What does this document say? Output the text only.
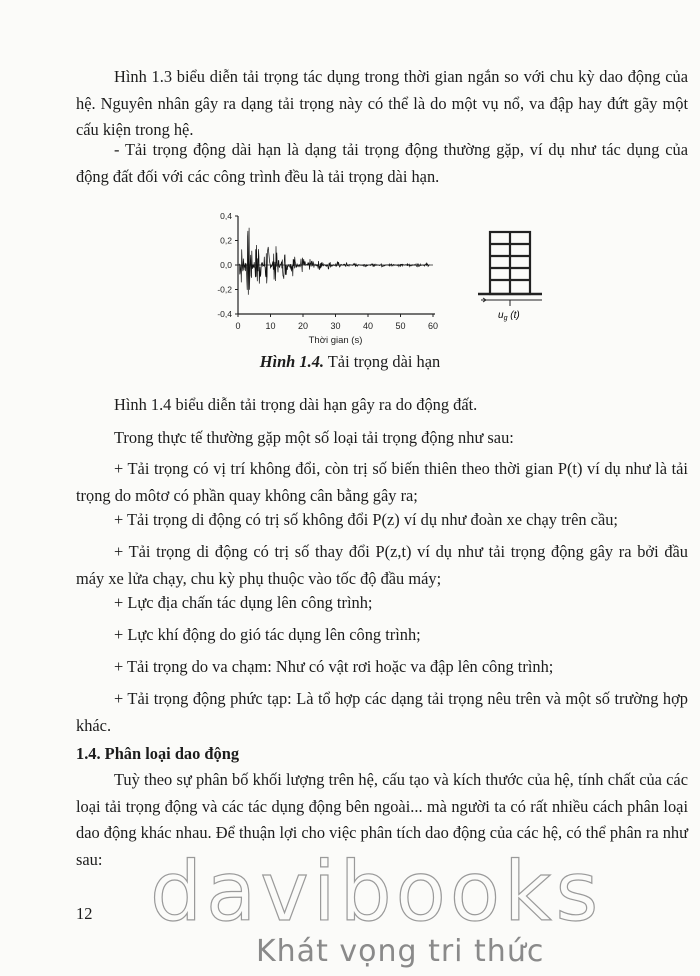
Hình 1.3 biểu diễn tải trọng tác dụng trong thời gian ngắn so với chu kỳ dao động của hệ. Nguyên nhân gây ra dạng tải trọng này có thể là do một vụ nổ, va đập hay đứt gãy một cấu kiện trong hệ.

- Tải trọng động dài hạn là dạng tải trọng động thường gặp, ví dụ như tác dụng của động đất đối với các công trình đều là tải trọng dài hạn.

0,4
0,2
0,0
-0,2
-0,4
0	10 20 30 40 50 60
Thời gian (s)
$u_g$ (t)
Hình 1.4. Tải trọng dài hạn

Hình 1.4 biểu diễn tải trọng dài hạn gây ra do động đất.

Trong thực tế thường gặp một số loại tải trọng động như sau:

+ Tải trọng có vị trí không đổi, còn trị số biến thiên theo thời gian P(t) ví dụ như là tải trọng do môtơ có phần quay không cân bằng gây ra;

+ Tải trọng di động có trị số không đổi P(z) ví dụ như đoàn xe chạy trên cầu;

+ Tải trọng di động có trị số thay đổi P(z,t) ví dụ như tải trọng động gây ra bởi đầu máy xe lửa chạy, chu kỳ phụ thuộc vào tốc độ đầu máy;

+ Lực địa chấn tác dụng lên công trình;

+ Lực khí động do gió tác dụng lên công trình;

+ Tải trọng do va chạm: Như có vật rơi hoặc va đập lên công trình;

+ Tải trọng động phức tạp: Là tổ hợp các dạng tải trọng nêu trên và một số trường hợp khác.

1.4. Phân loại dao động

Tuỳ theo sự phân bố khối lượng trên hệ, cấu tạo và kích thước của hệ, tính chất của các loại tải trọng động và các tác dụng động bên ngoài... mà người ta có rất nhiều cách phân loại dao động khác nhau. Để thuận lợi cho việc phân tích dao động của các hệ, có thể phân ra như sau:

12 davibooks
Khát vọng tri thức
